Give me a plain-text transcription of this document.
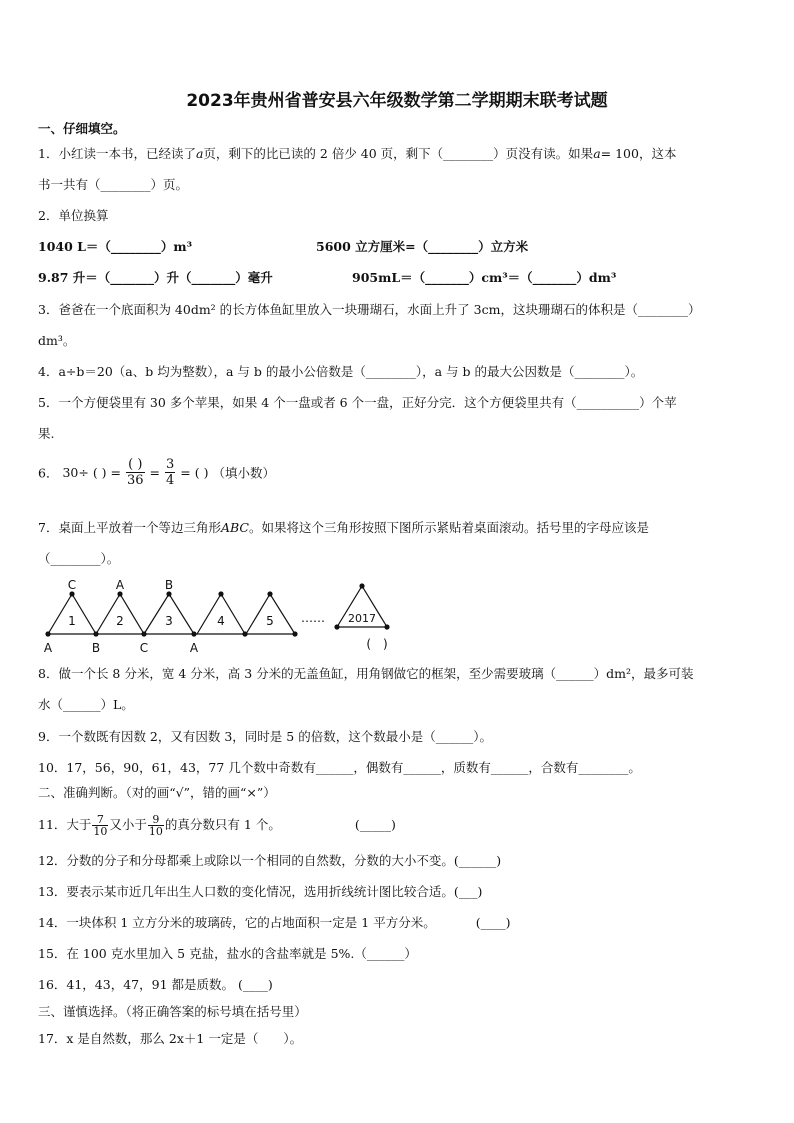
2023年贵州省普安县六年级数学第二学期期末联考试题
一、仔细填空。
1．小红读一本书，已经读了a页，剩下的比已读的 2 倍少 40 页，剩下（________）页没有读。如果a= 100，这本
书一共有（________）页。
2．单位换算
1040 L＝（________）m³	5600 立方厘米=（________）立方米
9.87 升＝（_______）升（_______）毫升	905mL＝（_______）cm³＝（_______）dm³
3．爸爸在一个底面积为 40dm² 的长方体鱼缸里放入一块珊瑚石，水面上升了 3cm，这块珊瑚石的体积是（________）
dm³。
4．a÷b＝20（a、b 均为整数），a 与 b 的最小公倍数是（________），a 与 b 的最大公因数是（________）。
5．一个方便袋里有 30 多个苹果，如果 4 个一盘或者 6 个一盘，正好分完．这个方便袋里共有（__________）个苹
果.
6． 30÷ ( ) = $\frac{( )}{36} = \frac{3}{4}$ = ( ) （填小数）
7．桌面上平放着一个等边三角形ABC。如果将这个三角形按照下图所示紧贴着桌面滚动。括号里的字母应该是
（________）。
C	A	B
A	B	C	A
1	2	3	4	5 …… 2017
(　)
8．做一个长 8 分米，宽 4 分米，高 3 分米的无盖鱼缸，用角钢做它的框架，至少需要玻璃（______）dm²，最多可装
水（______）L。
9．一个数既有因数 2，又有因数 3，同时是 5 的倍数，这个数最小是（______）。
10．17，56，90，61，43，77 几个数中奇数有______，偶数有______，质数有______，合数有________。
二、准确判断。（对的画“√”，错的画“×”）
11．大于 $\frac{7}{10}$ 又小于 $\frac{9}{10}$ 的真分数只有 1 个。	(_____)
12．分数的分子和分母都乘上或除以一个相同的自然数，分数的大小不变。(______)
13．要表示某市近几年出生人口数的变化情况，选用折线统计图比较合适。(___)
14．一块体积 1 立方分米的玻璃砖，它的占地面积一定是 1 平方分米。	(____)
15．在 100 克水里加入 5 克盐，盐水的含盐率就是 5%.（______）
16．41，43，47，91 都是质数。 (____)
三、谨慎选择。（将正确答案的标号填在括号里）
17．x 是自然数，那么 2x＋1 一定是（　　）。
